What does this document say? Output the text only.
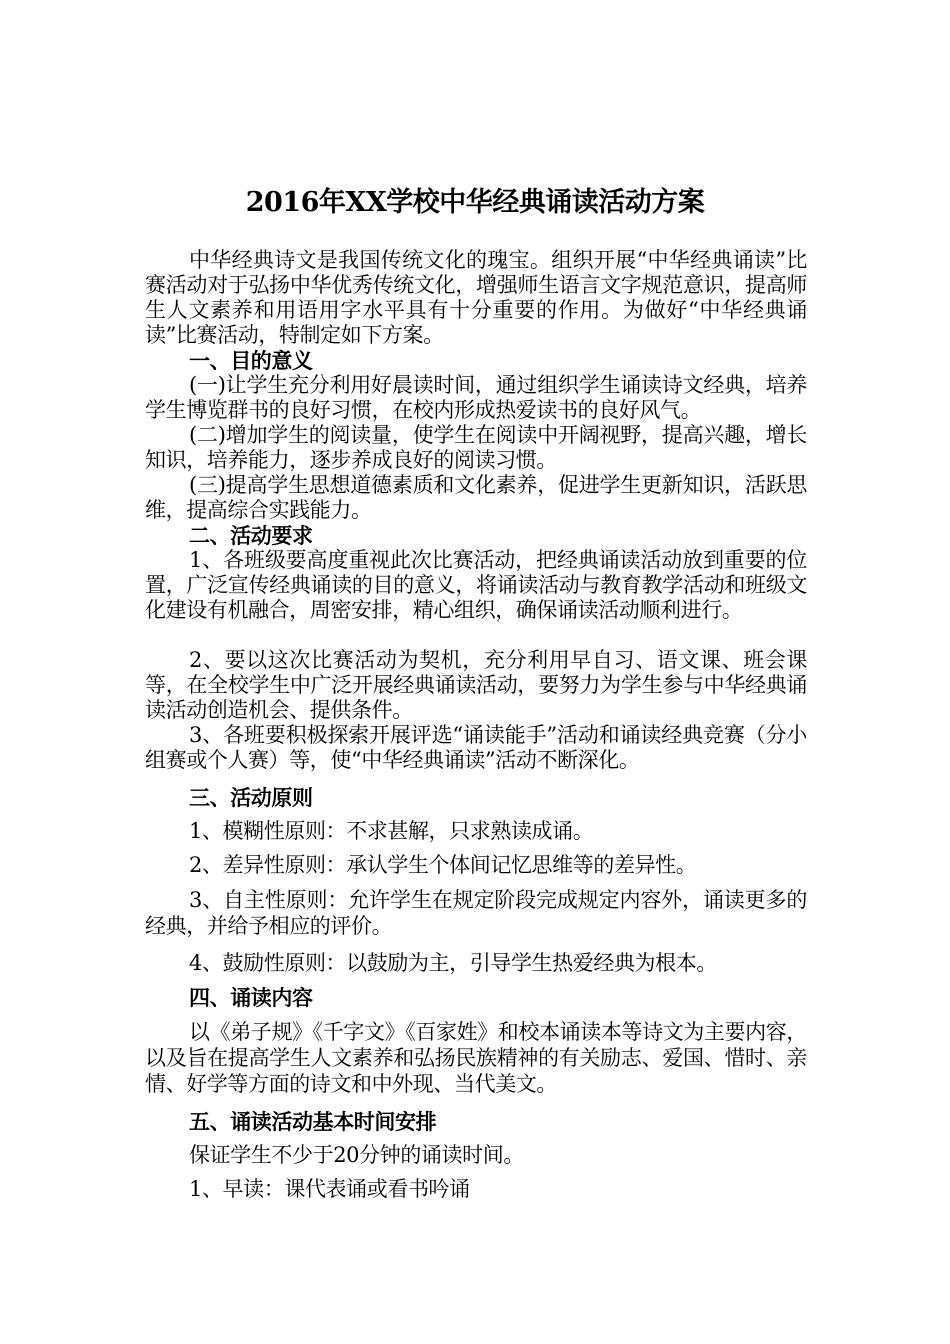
2016年XX学校中华经典诵读活动方案
中华经典诗文是我国传统文化的瑰宝。组织开展“中华经典诵读”比赛活动对于弘扬中华优秀传统文化，增强师生语言文字规范意识，提高师生人文素养和用语用字水平具有十分重要的作用。为做好“中华经典诵读”比赛活动，特制定如下方案。
一、目的意义
(一)让学生充分利用好晨读时间，通过组织学生诵读诗文经典，培养学生博览群书的良好习惯，在校内形成热爱读书的良好风气。
(二)增加学生的阅读量，使学生在阅读中开阔视野，提高兴趣，增长知识，培养能力，逐步养成良好的阅读习惯。
(三)提高学生思想道德素质和文化素养，促进学生更新知识，活跃思维，提高综合实践能力。
二、活动要求
1、各班级要高度重视此次比赛活动，把经典诵读活动放到重要的位置，广泛宣传经典诵读的目的意义，将诵读活动与教育教学活动和班级文化建设有机融合，周密安排，精心组织，确保诵读活动顺利进行。
2、要以这次比赛活动为契机，充分利用早自习、语文课、班会课等，在全校学生中广泛开展经典诵读活动，要努力为学生参与中华经典诵读活动创造机会、提供条件。
3、各班要积极探索开展评选“诵读能手”活动和诵读经典竞赛（分小组赛或个人赛）等，使“中华经典诵读”活动不断深化。
三、活动原则
1、模糊性原则：不求甚解，只求熟读成诵。
2、差异性原则：承认学生个体间记忆思维等的差异性。
3、自主性原则：允许学生在规定阶段完成规定内容外，诵读更多的经典，并给予相应的评价。
4、鼓励性原则：以鼓励为主，引导学生热爱经典为根本。
四、诵读内容
以《弟子规》《千字文》《百家姓》和校本诵读本等诗文为主要内容，以及旨在提高学生人文素养和弘扬民族精神的有关励志、爱国、惜时、亲情、好学等方面的诗文和中外现、当代美文。
五、诵读活动基本时间安排
保证学生不少于20分钟的诵读时间。
1、早读：课代表诵或看书吟诵
